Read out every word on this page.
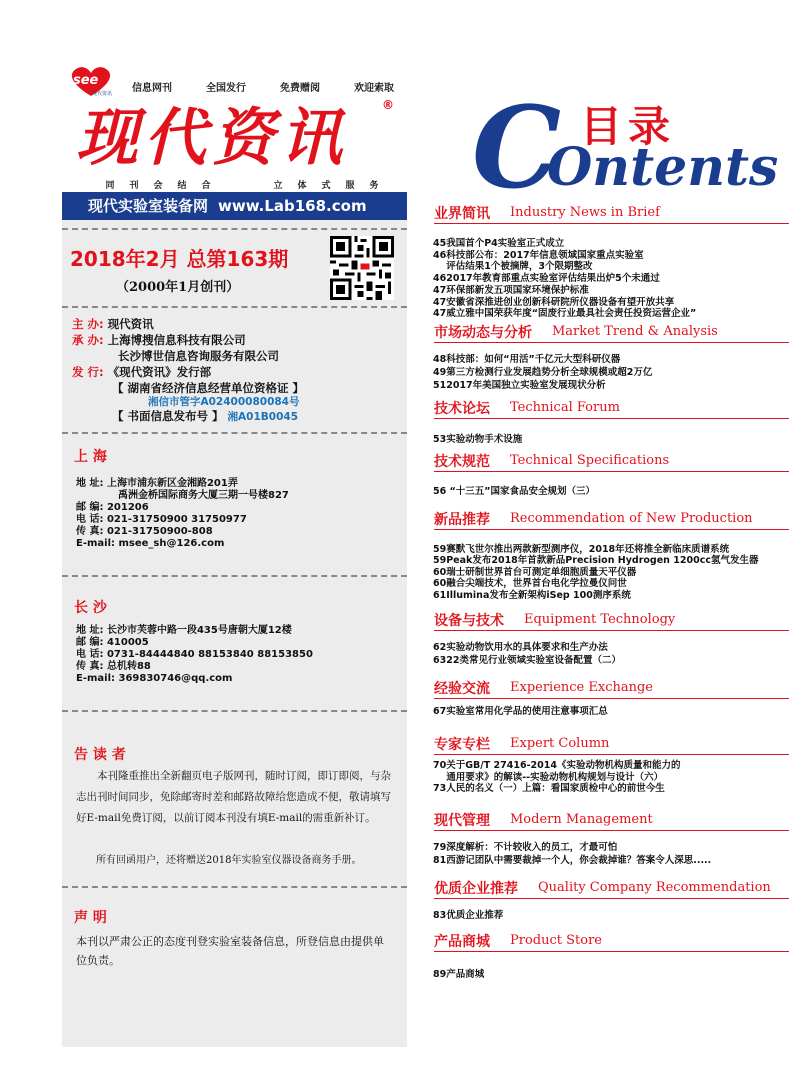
see
现代资讯 信息网刊	全国发行	免费赠阅	欢迎索取
现代资讯	®
同 刊 会 结 合	立 体 式 服 务 C 目录
Ontents
现代实验室装备网 www.Lab168.com
2018年2月 总第163期
（2000年1月创刊）
主 办: 现代资讯
承 办: 上海博搜信息科技有限公司
长沙博世信息咨询服务有限公司
发 行: 《现代资讯》发行部
【 湖南省经济信息经营单位资格证 】
湘信市管字A02400080084号
【 书面信息发布号 】 湘A01B0045
上 海
地 址: 上海市浦东新区金湘路201弄
禹洲金桥国际商务大厦三期一号楼827
邮 编: 201206
电 话: 021-31750900 31750977
传 真: 021-31750900-808
E-mail: msee_sh@126.com
长 沙
地 址: 长沙市芙蓉中路一段435号唐朝大厦12楼
邮 编: 410005
电 话: 0731-84444840 88153840 88153850
传 真: 总机转88
E-mail: 369830746@qq.com
告 读 者
本刊隆重推出全新翻页电子版网刊，随时订阅，即订即阅，与杂志出刊时间同步，免除邮寄时差和邮路故障给您造成不便，敬请填写好E-mail免费订阅，以前订阅本刊没有填E-mail的需重新补订。
所有回函用户，还将赠送2018年实验室仪器设备商务手册。
声 明
本刊以严肃公正的态度刊登实验室装备信息，所登信息由提供单位负责。
业界简讯 Industry News in Brief
45我国首个P4实验室正式成立
46科技部公布：2017年信息领域国家重点实验室
评估结果1个被摘牌，3个限期整改
462017年教育部重点实验室评估结果出炉5个未通过
47环保部新发五项国家环境保护标准
47安徽省深推进创业创新科研院所仪器设备有望开放共享
47威立雅中国荣获年度“固废行业最具社会责任投资运营企业”
市场动态与分析 Market Trend & Analysis
48科技部：如何“用活”千亿元大型科研仪器
49第三方检测行业发展趋势分析全球规模或超2万亿
512017年美国独立实验室发展现状分析
技术论坛 Technical Forum
53实验动物手术设施
技术规范 Technical Specifications
56 “十三五”国家食品安全规划（三）
新品推荐 Recommendation of New Production
59赛默飞世尔推出两款新型测序仪，2018年还将推全新临床质谱系统
59Peak发布2018年首款新品Precision Hydrogen 1200cc氢气发生器
60瑞士研制世界首台可测定单细胞质量天平仪器
60融合尖端技术，世界首台电化学拉曼仪问世
61Illumina发布全新架构iSep 100测序系统
设备与技术 Equipment Technology
62实验动物饮用水的具体要求和生产办法
6322类常见行业领域实验室设备配置（二）
经验交流 Experience Exchange
67实验室常用化学品的使用注意事项汇总
专家专栏 Expert Column
70关于GB/T 27416-2014《实验动物机构质量和能力的
通用要求》的解读--实验动物机构规划与设计（六）
73人民的名义（一）上篇：看国家质检中心的前世今生
现代管理 Modern Management
79深度解析：不计较收入的员工，才最可怕
81西游记团队中需要裁掉一个人，你会裁掉谁？答案令人深思.....
优质企业推荐 Quality Company Recommendation
83优质企业推荐
产品商城 Product Store
89产品商城
